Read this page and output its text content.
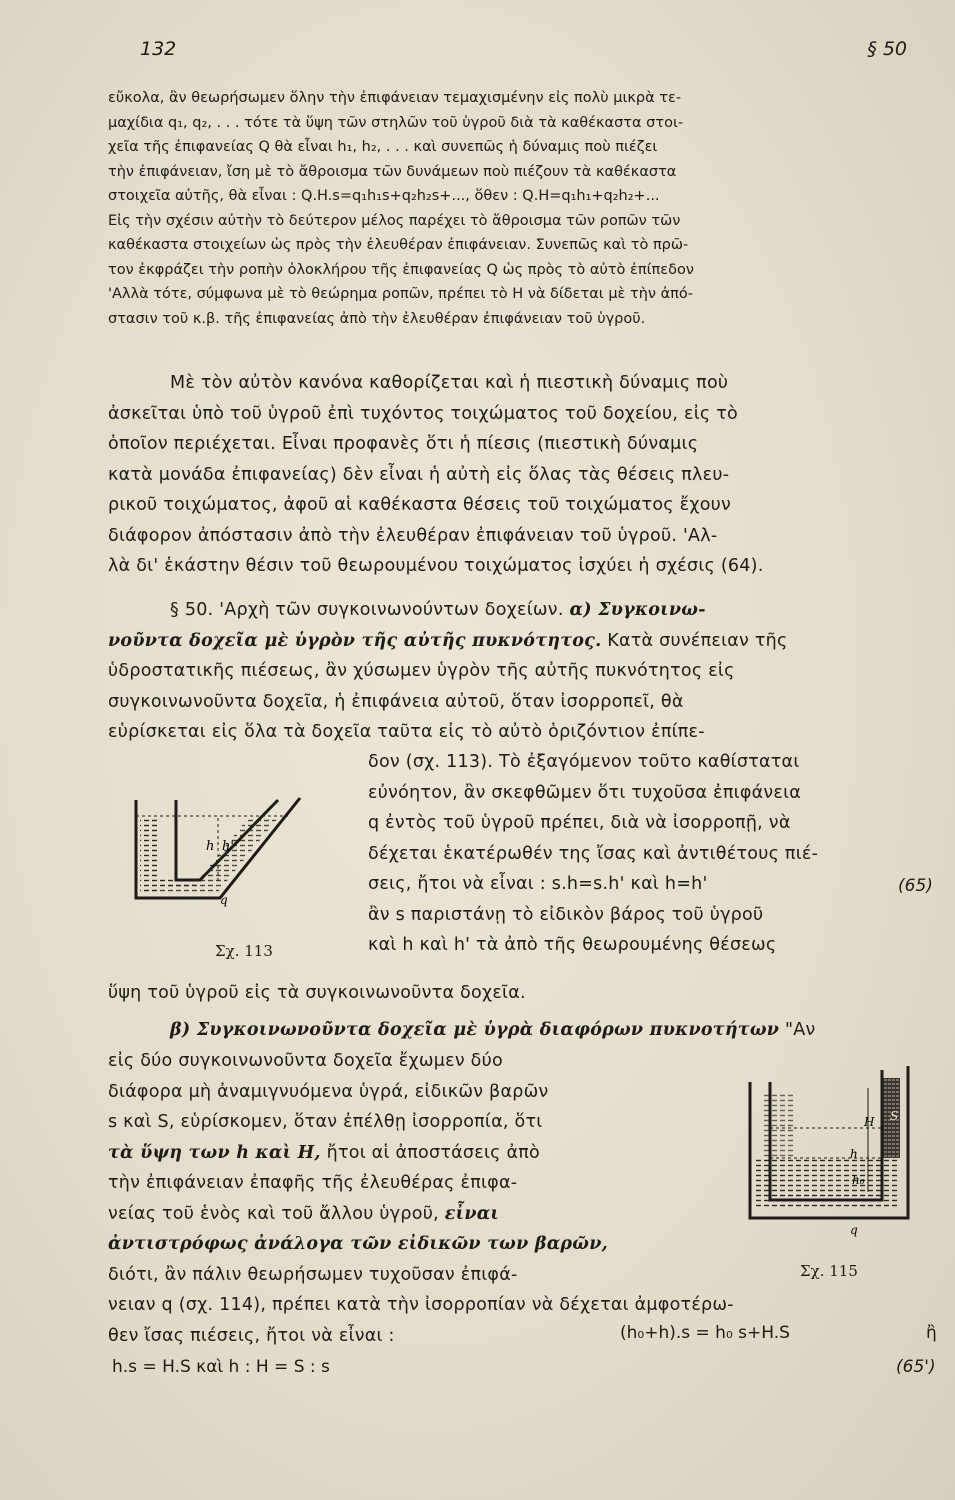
132	§ 50
εὔκολα, ἂν θεωρήσωμεν ὅλην τὴν ἐπιφάνειαν τεμαχισμένην εἰς πολὺ μικρὰ τε-
μαχίδια q₁, q₂, . . . τότε τὰ ὕψη τῶν στηλῶν τοῦ ὑγροῦ διὰ τὰ καθέκαστα στοι-
χεῖα τῆς ἐπιφανείας Q θὰ εἶναι h₁, h₂, . . . καὶ συνεπῶς ἡ δύναμις ποὺ πιέζει
τὴν ἐπιφάνειαν, ἴση μὲ τὸ ἄθροισμα τῶν δυνάμεων ποὺ πιέζουν τὰ καθέκαστα
στοιχεῖα αὐτῆς, θὰ εἶναι : Q.H.s=q₁h₁s+q₂h₂s+..., ὅθεν : Q.H=q₁h₁+q₂h₂+...
Εἰς τὴν σχέσιν αὐτὴν τὸ δεύτερον μέλος παρέχει τὸ ἄθροισμα τῶν ροπῶν τῶν
καθέκαστα στοιχείων ὡς πρὸς τὴν ἐλευθέραν ἐπιφάνειαν. Συνεπῶς καὶ τὸ πρῶ-
τον ἐκφράζει τὴν ροπὴν ὁλοκλήρου τῆς ἐπιφανείας Q ὡς πρὸς τὸ αὐτὸ ἐπίπεδον
'Αλλὰ τότε, σύμφωνα μὲ τὸ θεώρημα ροπῶν, πρέπει τὸ H νὰ δίδεται μὲ τὴν ἀπό-
στασιν τοῦ κ.β. τῆς ἐπιφανείας ἀπὸ τὴν ἐλευθέραν ἐπιφάνειαν τοῦ ὑγροῦ.
Μὲ τὸν αὐτὸν κανόνα καθορίζεται καὶ ἡ πιεστικὴ δύναμις ποὺ
ἀσκεῖται ὑπὸ τοῦ ὑγροῦ ἐπὶ τυχόντος τοιχώματος τοῦ δοχείου, εἰς τὸ
ὁποῖον περιέχεται. Εἶναι προφανὲς ὅτι ἡ πίεσις (πιεστικὴ δύναμις
κατὰ μονάδα ἐπιφανείας) δὲν εἶναι ἡ αὐτὴ εἰς ὅλας τὰς θέσεις πλευ-
ρικοῦ τοιχώματος, ἀφοῦ αἱ καθέκαστα θέσεις τοῦ τοιχώματος ἔχουν
διάφορον ἀπόστασιν ἀπὸ τὴν ἐλευθέραν ἐπιφάνειαν τοῦ ὑγροῦ. 'Αλ-
λὰ δι' ἑκάστην θέσιν τοῦ θεωρουμένου τοιχώματος ἰσχύει ἡ σχέσις (64).
§ 50. 'Αρχὴ τῶν συγκοινωνούντων δοχείων. α) Συγκοινω-
νοῦντα δοχεῖα μὲ ὑγρὸν τῆς αὐτῆς πυκνότητος. Κατὰ συνέπειαν τῆς
ὑδροστατικῆς πιέσεως, ἂν χύσωμεν ὑγρὸν τῆς αὐτῆς πυκνότητος εἰς
συγκοινωνοῦντα δοχεῖα, ἡ ἐπιφάνεια αὐτοῦ, ὅταν ἰσορροπεῖ, θὰ
εὑρίσκεται εἰς ὅλα τὰ δοχεῖα ταῦτα εἰς τὸ αὐτὸ ὁριζόντιον ἐπίπε-
δον (σχ. 113). Τὸ ἐξαγόμενον τοῦτο καθίσταται
εὐνόητον, ἂν σκεφθῶμεν ὅτι τυχοῦσα ἐπιφάνεια
q ἐντὸς τοῦ ὑγροῦ πρέπει, διὰ νὰ ἰσορροπῇ, νὰ
δέχεται ἑκατέρωθέν της ἴσας καὶ ἀντιθέτους πιέ-
σεις, ἤτοι νὰ εἶναι : s.h=s.h' καὶ h=h'
ἂν s παριστάνῃ τὸ εἰδικὸν βάρος τοῦ ὑγροῦ
καὶ h καὶ h' τὰ ἀπὸ τῆς θεωρουμένης θέσεως
(65)
h h'
q
Σχ. 113
ὕψη τοῦ ὑγροῦ εἰς τὰ συγκοινωνοῦντα δοχεῖα.
β) Συγκοινωνοῦντα δοχεῖα μὲ ὑγρὰ διαφόρων πυκνοτήτων "Αν
εἰς δύο συγκοινωνοῦντα δοχεῖα ἔχωμεν δύο
διάφορα μὴ ἀναμιγνυόμενα ὑγρά, εἰδικῶν βαρῶν
s καὶ S, εὑρίσκομεν, ὅταν ἐπέλθῃ ἰσορροπία, ὅτι
τὰ ὕψη των h καὶ H, ἤτοι αἱ ἀποστάσεις ἀπὸ
τὴν ἐπιφάνειαν ἐπαφῆς τῆς ἐλευθέρας ἐπιφα-
νείας τοῦ ἑνὸς καὶ τοῦ ἄλλου ὑγροῦ, εἶναι
ἀντιστρόφως ἀνάλογα τῶν εἰδικῶν των βαρῶν,
διότι, ἂν πάλιν θεωρήσωμεν τυχοῦσαν ἐπιφά-
νειαν q (σχ. 114), πρέπει κατὰ τὴν ἰσορροπίαν νὰ δέχεται ἀμφοτέρω-
θεν ἴσας πιέσεις, ἤτοι νὰ εἶναι :	(h₀+h).s = h₀ s+H.S	ἢ
h.s = H.S καὶ h : H = S : s	(65')
H S
h
h₀
q
Σχ. 115
